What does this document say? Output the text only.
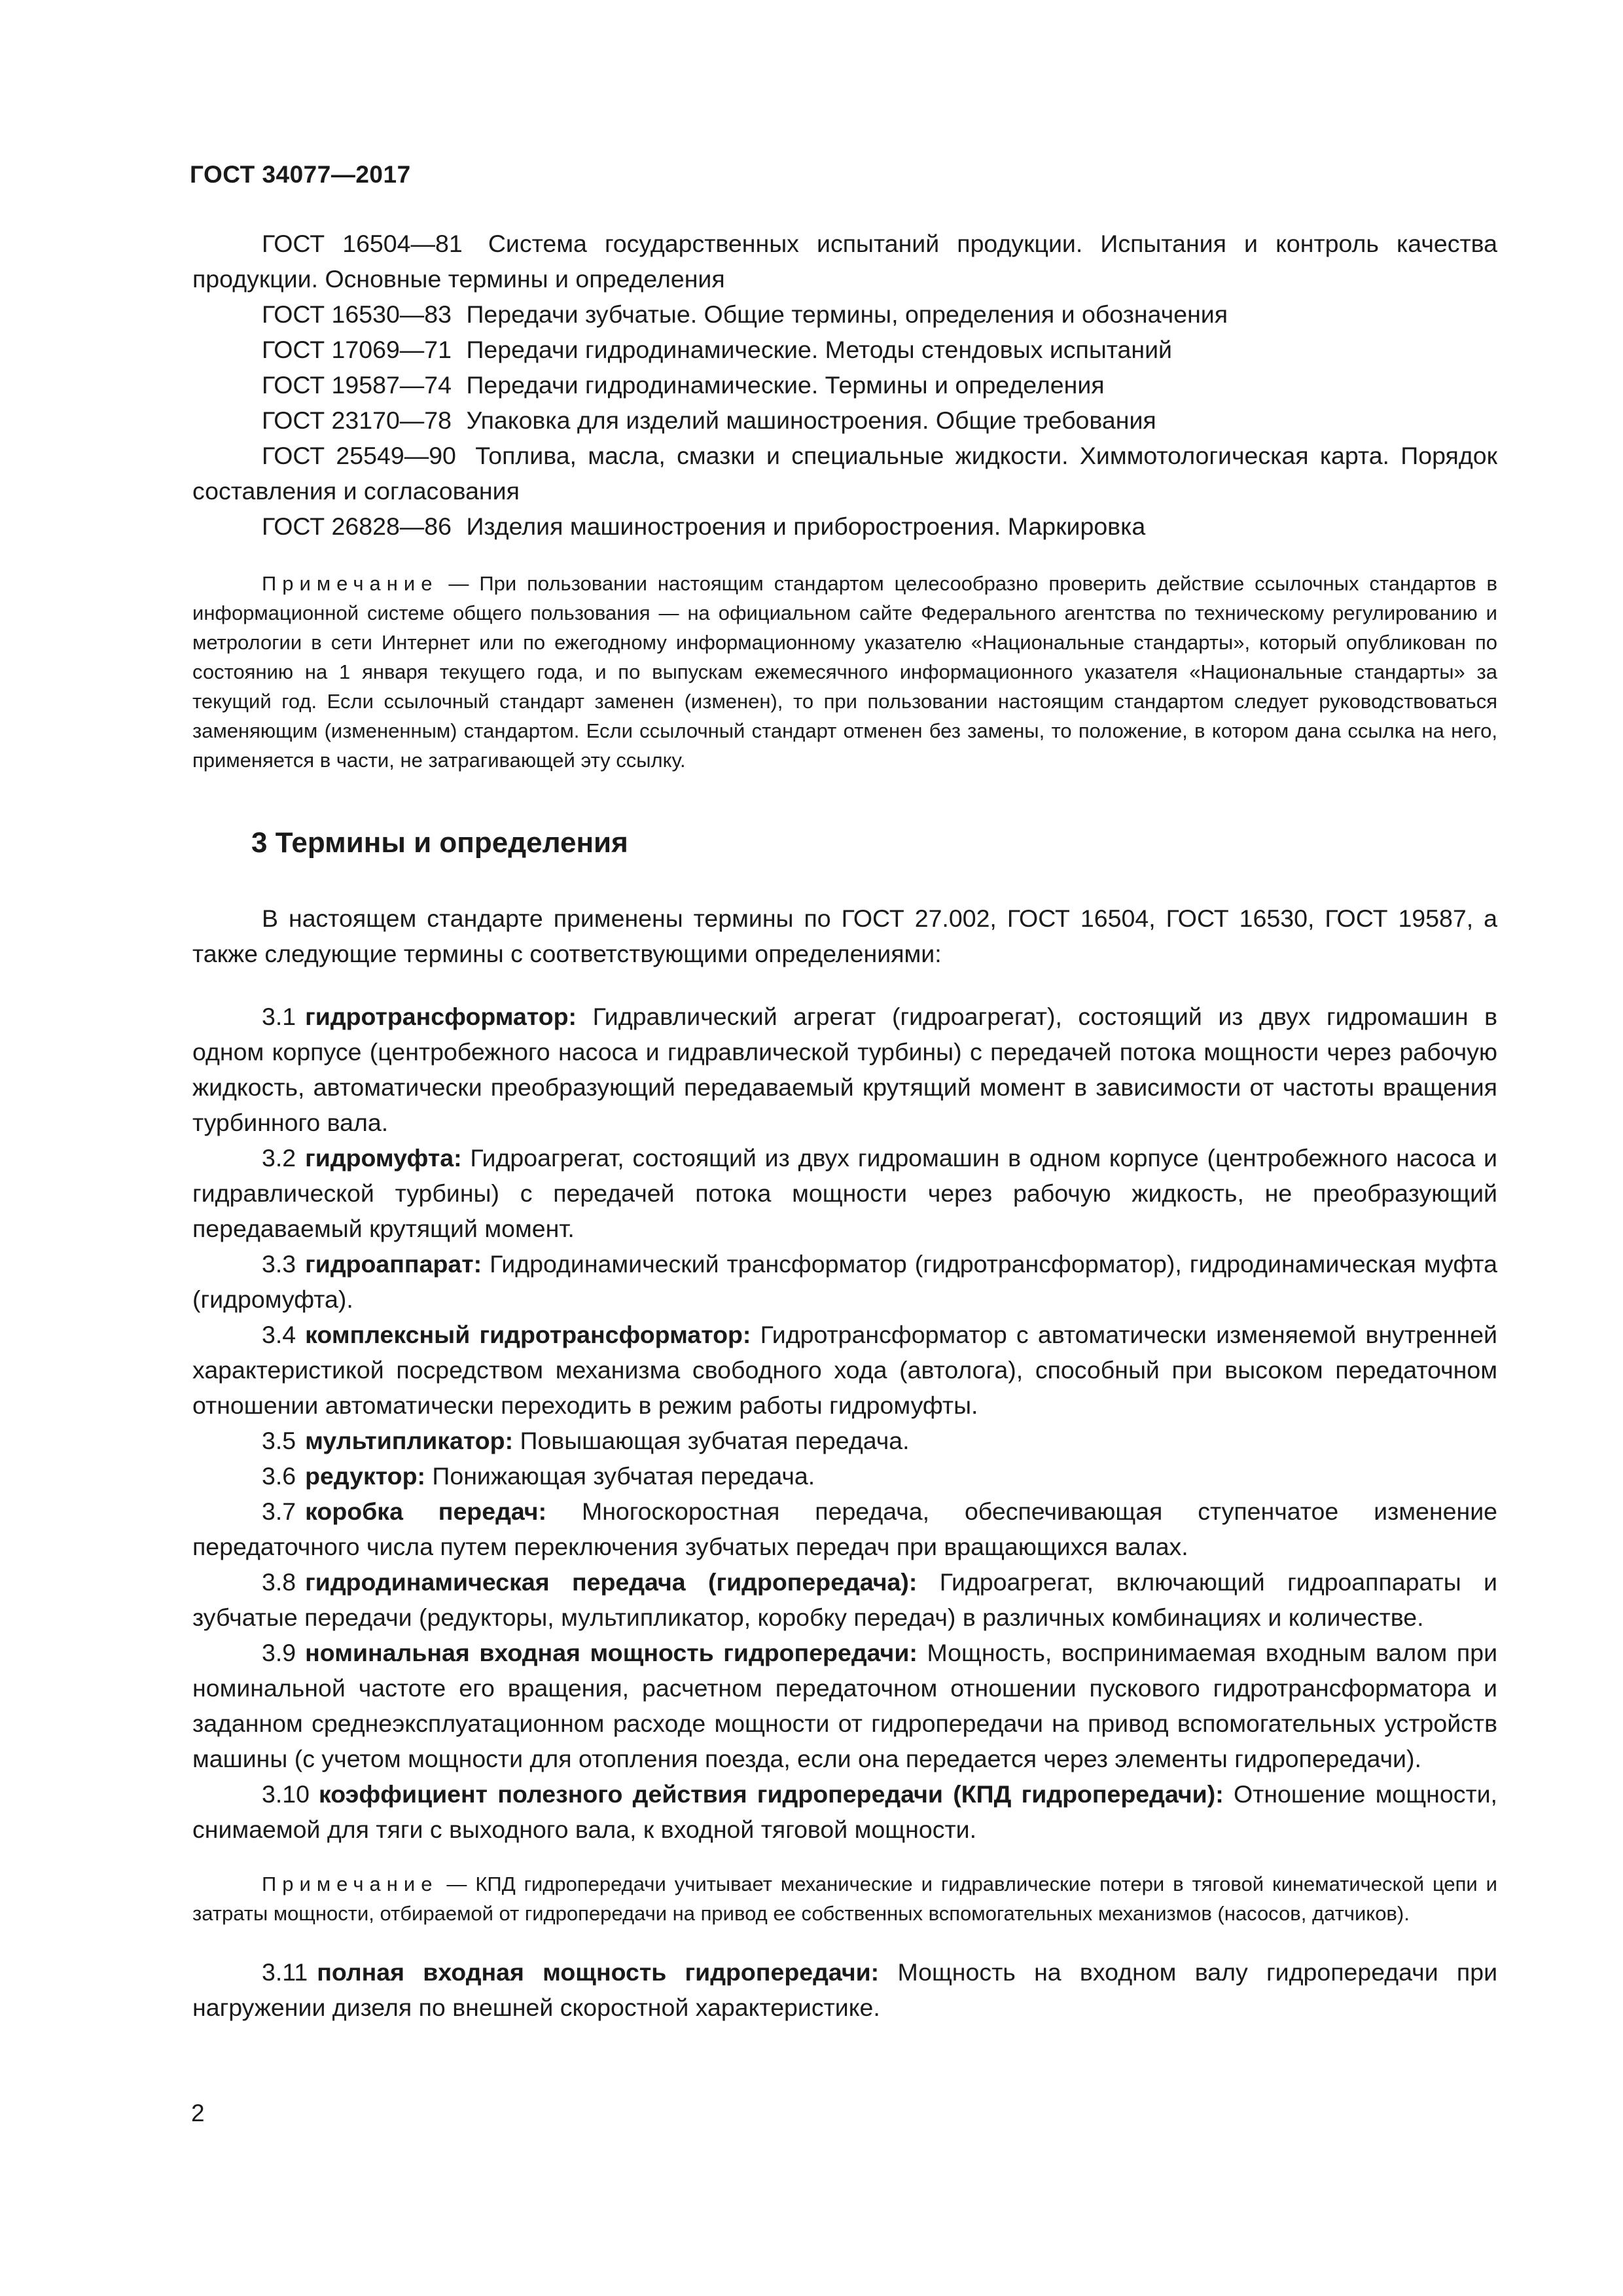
ГОСТ 34077—2017

ГОСТ 16504—81 Система государственных испытаний продукции. Испытания и контроль качества продукции. Основные термины и определения

ГОСТ 16530—83 Передачи зубчатые. Общие термины, определения и обозначения

ГОСТ 17069—71 Передачи гидродинамические. Методы стендовых испытаний

ГОСТ 19587—74 Передачи гидродинамические. Термины и определения

ГОСТ 23170—78 Упаковка для изделий машиностроения. Общие требования

ГОСТ 25549—90 Топлива, масла, смазки и специальные жидкости. Химмотологическая карта. Порядок составления и согласования

ГОСТ 26828—86 Изделия машиностроения и приборостроения. Маркировка

Примечание — При пользовании настоящим стандартом целесообразно проверить действие ссылочных стандартов в информационной системе общего пользования — на официальном сайте Федерального агентства по техническому регулированию и метрологии в сети Интернет или по ежегодному информационному указателю «Национальные стандарты», который опубликован по состоянию на 1 января текущего года, и по выпускам ежемесячного информационного указателя «Национальные стандарты» за текущий год. Если ссылочный стандарт заменен (изменен), то при пользовании настоящим стандартом следует руководствоваться заменяющим (измененным) стандартом. Если ссылочный стандарт отменен без замены, то положение, в котором дана ссылка на него, применяется в части, не затрагивающей эту ссылку.

3 Термины и определения

В настоящем стандарте применены термины по ГОСТ 27.002, ГОСТ 16504, ГОСТ 16530, ГОСТ 19587, а также следующие термины с соответствующими определениями:

3.1 гидротрансформатор: Гидравлический агрегат (гидроагрегат), состоящий из двух гидромашин в одном корпусе (центробежного насоса и гидравлической турбины) с передачей потока мощности через рабочую жидкость, автоматически преобразующий передаваемый крутящий момент в зависимости от частоты вращения турбинного вала.

3.2 гидромуфта: Гидроагрегат, состоящий из двух гидромашин в одном корпусе (центробежного насоса и гидравлической турбины) с передачей потока мощности через рабочую жидкость, не преобразующий передаваемый крутящий момент.

3.3 гидроаппарат: Гидродинамический трансформатор (гидротрансформатор), гидродинамическая муфта (гидромуфта).

3.4 комплексный гидротрансформатор: Гидротрансформатор с автоматически изменяемой внутренней характеристикой посредством механизма свободного хода (автолога), способный при высоком передаточном отношении автоматически переходить в режим работы гидромуфты.

3.5 мультипликатор: Повышающая зубчатая передача.

3.6 редуктор: Понижающая зубчатая передача.

3.7 коробка передач: Многоскоростная передача, обеспечивающая ступенчатое изменение передаточного числа путем переключения зубчатых передач при вращающихся валах.

3.8 гидродинамическая передача (гидропередача): Гидроагрегат, включающий гидроаппараты и зубчатые передачи (редукторы, мультипликатор, коробку передач) в различных комбинациях и количестве.

3.9 номинальная входная мощность гидропередачи: Мощность, воспринимаемая входным валом при номинальной частоте его вращения, расчетном передаточном отношении пускового гидротрансформатора и заданном среднеэксплуатационном расходе мощности от гидропередачи на привод вспомогательных устройств машины (с учетом мощности для отопления поезда, если она передается через элементы гидропередачи).

3.10 коэффициент полезного действия гидропередачи (КПД гидропередачи): Отношение мощности, снимаемой для тяги с выходного вала, к входной тяговой мощности.

Примечание — КПД гидропередачи учитывает механические и гидравлические потери в тяговой кинематической цепи и затраты мощности, отбираемой от гидропередачи на привод ее собственных вспомогательных механизмов (насосов, датчиков).

3.11 полная входная мощность гидропередачи: Мощность на входном валу гидропередачи при нагружении дизеля по внешней скоростной характеристике.

2
